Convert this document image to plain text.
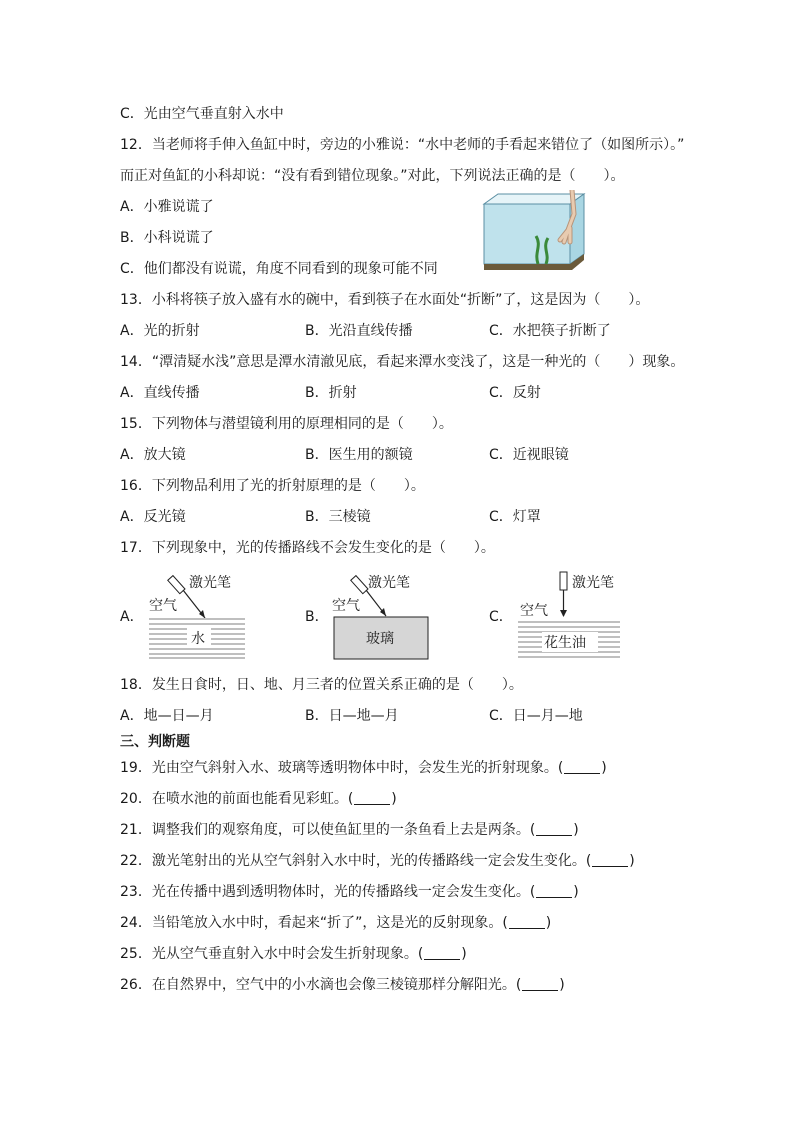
C．光由空气垂直射入水中
12．当老师将手伸入鱼缸中时，旁边的小雅说：“水中老师的手看起来错位了（如图所示）。”
而正对鱼缸的小科却说：“没有看到错位现象。”对此，下列说法正确的是（　　）。
A．小雅说谎了
B．小科说谎了
C．他们都没有说谎，角度不同看到的现象可能不同
13．小科将筷子放入盛有水的碗中，看到筷子在水面处“折断”了，这是因为（　　）。
A．光的折射	B．光沿直线传播	C．水把筷子折断了
14．“潭清疑水浅”意思是潭水清澈见底，看起来潭水变浅了，这是一种光的（　　）现象。
A．直线传播	B．折射	C．反射
15．下列物体与潜望镜利用的原理相同的是（　　）。
A．放大镜	B．医生用的额镜	C．近视眼镜
16．下列物品利用了光的折射原理的是（　　）。
A．反光镜	B．三棱镜	C．灯罩
17．下列现象中，光的传播路线不会发生变化的是（　　）。
A．	B．	C．
激光笔
空气
水
激光笔
空气
玻璃
激光笔
空气
花生油
18．发生日食时，日、地、月三者的位置关系正确的是（　　）。
A．地—日—月	B．日—地—月	C．日—月—地
三、判断题
19．光由空气斜射入水、玻璃等透明物体中时，会发生光的折射现象。(	)
20．在喷水池的前面也能看见彩虹。(	)
21．调整我们的观察角度，可以使鱼缸里的一条鱼看上去是两条。(	)
22．激光笔射出的光从空气斜射入水中时，光的传播路线一定会发生变化。(	)
23．光在传播中遇到透明物体时，光的传播路线一定会发生变化。(	)
24．当铅笔放入水中时，看起来“折了”，这是光的反射现象。(	)
25．光从空气垂直射入水中时会发生折射现象。(	)
26．在自然界中，空气中的小水滴也会像三棱镜那样分解阳光。(	)
